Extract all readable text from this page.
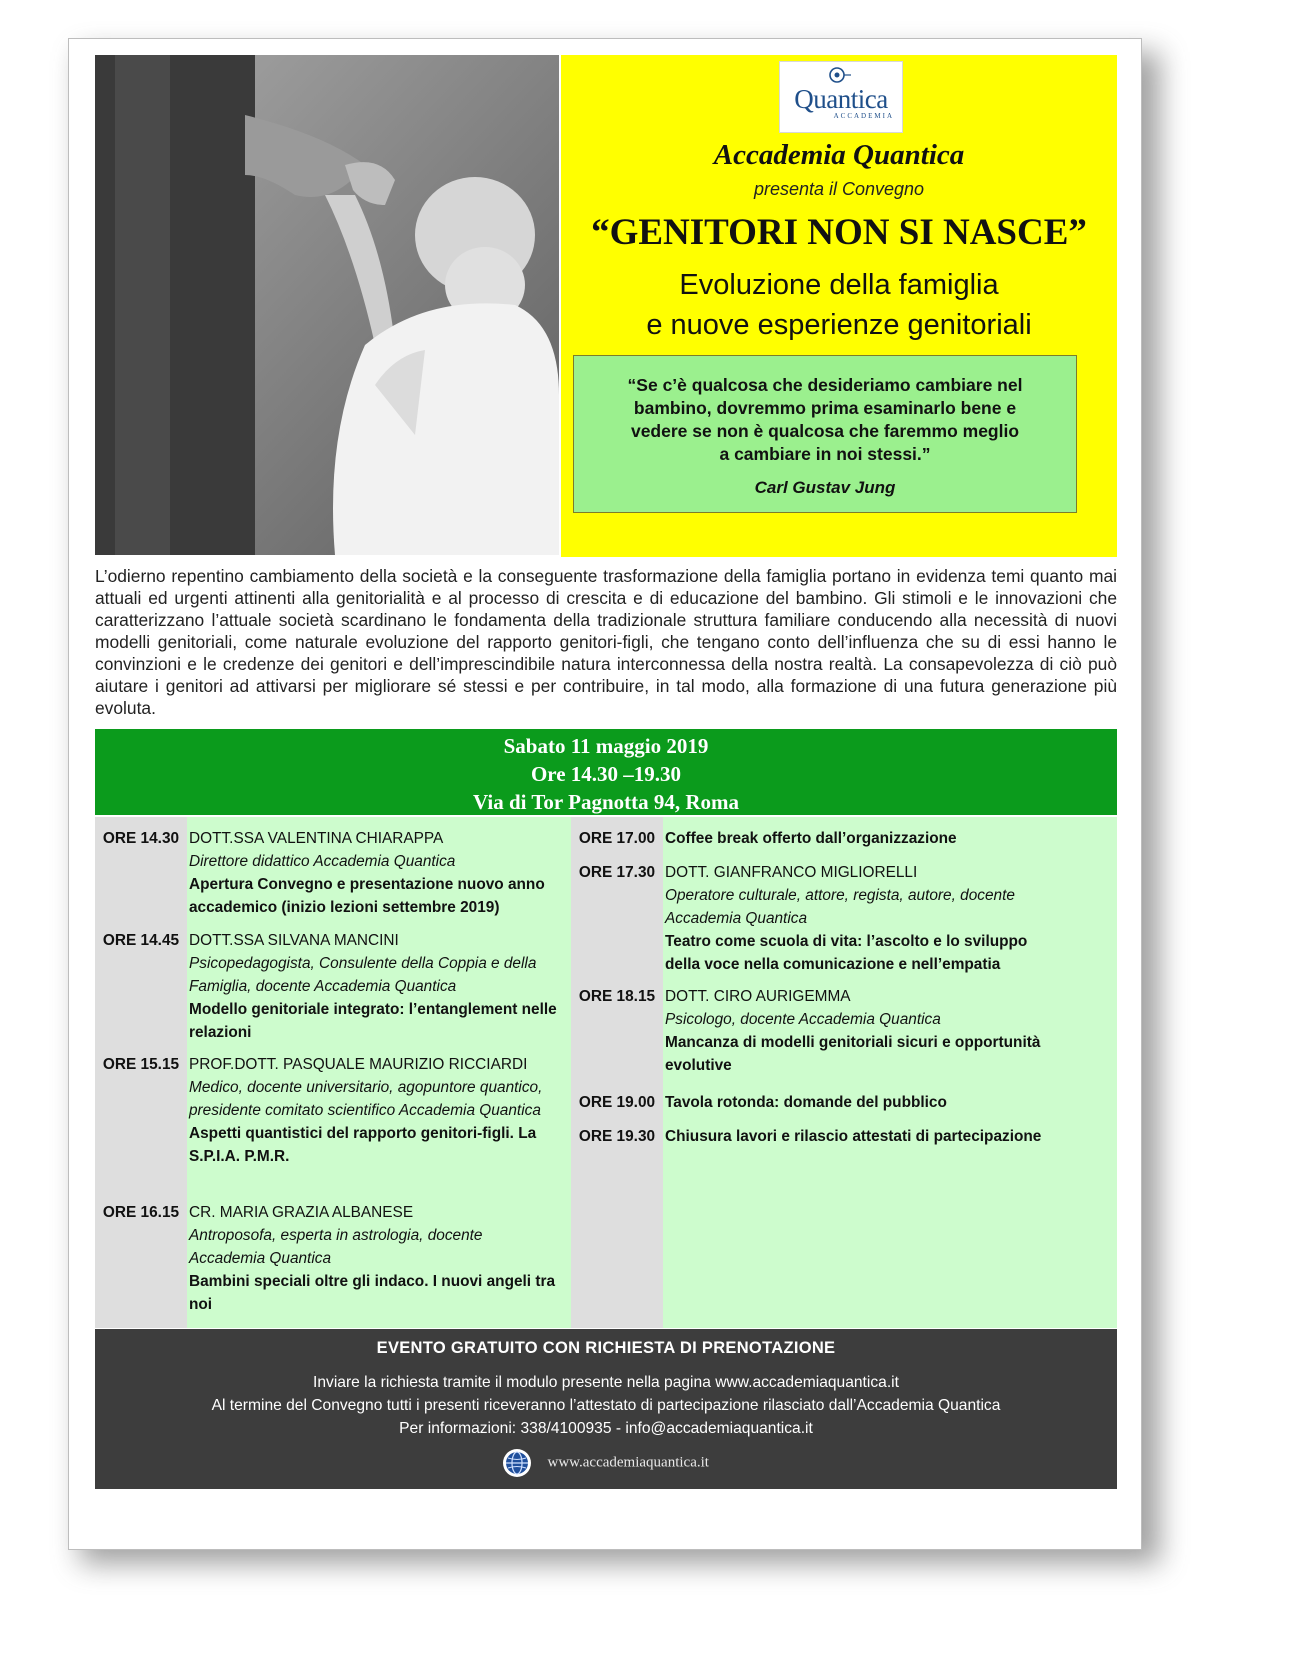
Quantica
ACCADEMIA
Accademia Quantica
presenta il Convegno
“GENITORI NON SI NASCE”
Evoluzione della famiglia
e nuove esperienze genitoriali
“Se c’è qualcosa che desideriamo cambiare nel
bambino, dovremmo prima esaminarlo bene e
vedere se non è qualcosa che faremmo meglio
a cambiare in noi stessi.”
Carl Gustav Jung
L’odierno repentino cambiamento della società e la conseguente trasformazione della famiglia portano in evidenza temi quanto mai attuali ed urgenti attinenti alla genitorialità e al processo di crescita e di educazione del bambino. Gli stimoli e le innovazioni che caratterizzano l’attuale società scardinano le fondamenta della tradizionale struttura familiare conducendo alla necessità di nuovi modelli genitoriali, come naturale evoluzione del rapporto genitori-figli, che tengano conto dell’influenza che su di essi hanno le convinzioni e le credenze dei genitori e dell’imprescindibile natura interconnessa della nostra realtà. La consapevolezza di ciò può aiutare i genitori ad attivarsi per migliorare sé stessi e per contribuire, in tal modo, alla formazione di una futura generazione più evoluta.
Sabato 11 maggio 2019
Ore 14.30 –19.30
Via di Tor Pagnotta 94, Roma
ORE 14.30 DOTT.SSA VALENTINA CHIARAPPA
Direttore didattico Accademia Quantica
Apertura Convegno e presentazione nuovo anno accademico (inizio lezioni settembre 2019)
ORE 14.45 DOTT.SSA SILVANA MANCINI
Psicopedagogista, Consulente della Coppia e della Famiglia, docente Accademia Quantica
Modello genitoriale integrato: l’entanglement nelle relazioni
ORE 15.15 PROF.DOTT. PASQUALE MAURIZIO RICCIARDI
Medico, docente universitario, agopuntore quantico, presidente comitato scientifico Accademia Quantica
Aspetti quantistici del rapporto genitori-figli. La S.P.I.A. P.M.R.
ORE 16.15 CR. MARIA GRAZIA ALBANESE
Antroposofa, esperta in astrologia, docente Accademia Quantica
Bambini speciali oltre gli indaco. I nuovi angeli tra noi
ORE 17.00 Coffee break offerto dall’organizzazione
ORE 17.30 DOTT. GIANFRANCO MIGLIORELLI
Operatore culturale, attore, regista, autore, docente Accademia Quantica
Teatro come scuola di vita: l’ascolto e lo sviluppo della voce nella comunicazione e nell’empatia
ORE 18.15 DOTT. CIRO AURIGEMMA
Psicologo, docente Accademia Quantica
Mancanza di modelli genitoriali sicuri e opportunità evolutive
ORE 19.00 Tavola rotonda: domande del pubblico
ORE 19.30 Chiusura lavori e rilascio attestati di partecipazione
EVENTO GRATUITO CON RICHIESTA DI PRENOTAZIONE
Inviare la richiesta tramite il modulo presente nella pagina www.accademiaquantica.it
Al termine del Convegno tutti i presenti riceveranno l’attestato di partecipazione rilasciato dall’Accademia Quantica
Per informazioni: 338/4100935 - info@accademiaquantica.it
www.accademiaquantica.it
